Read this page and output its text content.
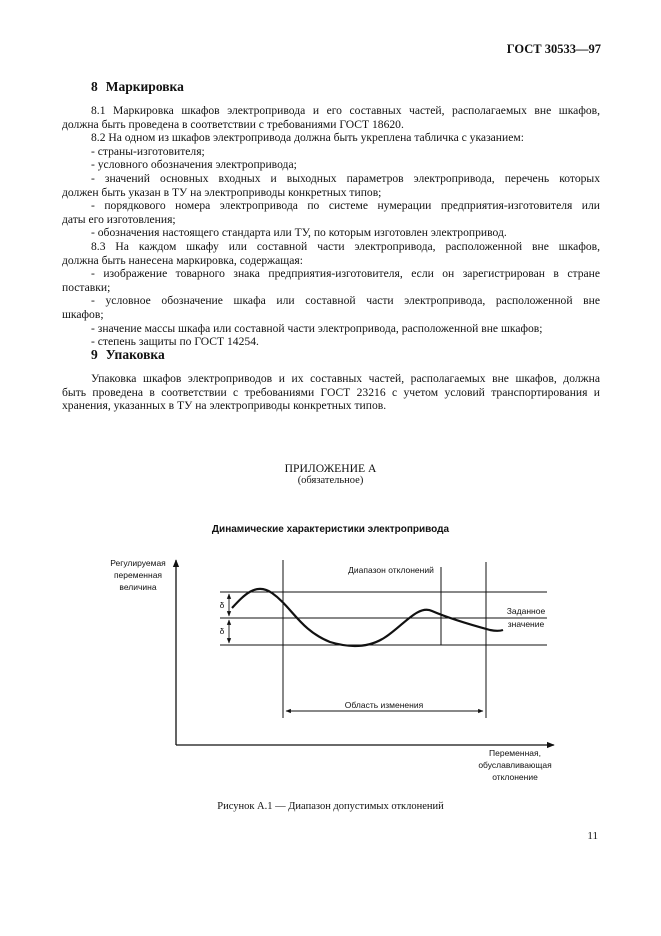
ГОСТ 30533—97
8 Маркировка
8.1 Маркировка шкафов электропривода и его составных частей, располагаемых вне шкафов,
должна быть проведена в соответствии с требованиями ГОСТ 18620.
8.2 На одном из шкафов электропривода должна быть укреплена табличка с указанием:
- страны-изготовителя;
- условного обозначения электропривода;
- значений основных входных и выходных параметров электропривода, перечень которых
должен быть указан в ТУ на электроприводы конкретных типов;
- порядкового номера электропривода по системе нумерации предприятия-изготовителя или
даты его изготовления;
- обозначения настоящего стандарта или ТУ, по которым изготовлен электропривод.
8.3 На каждом шкафу или составной части электропривода, расположенной вне шкафов,
должна быть нанесена маркировка, содержащая:
- изображение товарного знака предприятия-изготовителя, если он зарегистрирован в стране
поставки;
- условное обозначение шкафа или составной части электропривода, расположенной вне
шкафов;
- значение массы шкафа или составной части электропривода, расположенной вне шкафов;
- степень защиты по ГОСТ 14254.
9 Упаковка
Упаковка шкафов электроприводов и их составных частей, располагаемых вне шкафов, должна
быть проведена в соответствии с требованиями ГОСТ 23216 с учетом условий транспортирования и
хранения, указанных в ТУ на электроприводы конкретных типов.
ПРИЛОЖЕНИЕ А
(обязательное)
Динамические характеристики электропривода
Регулируемая
переменная
величина
Диапазон отклонений
Область изменения
Заданное
значение
δ
δ
Переменная,
обуславливающая
отклонение
Рисунок А.1 — Диапазон допустимых отклонений
11
